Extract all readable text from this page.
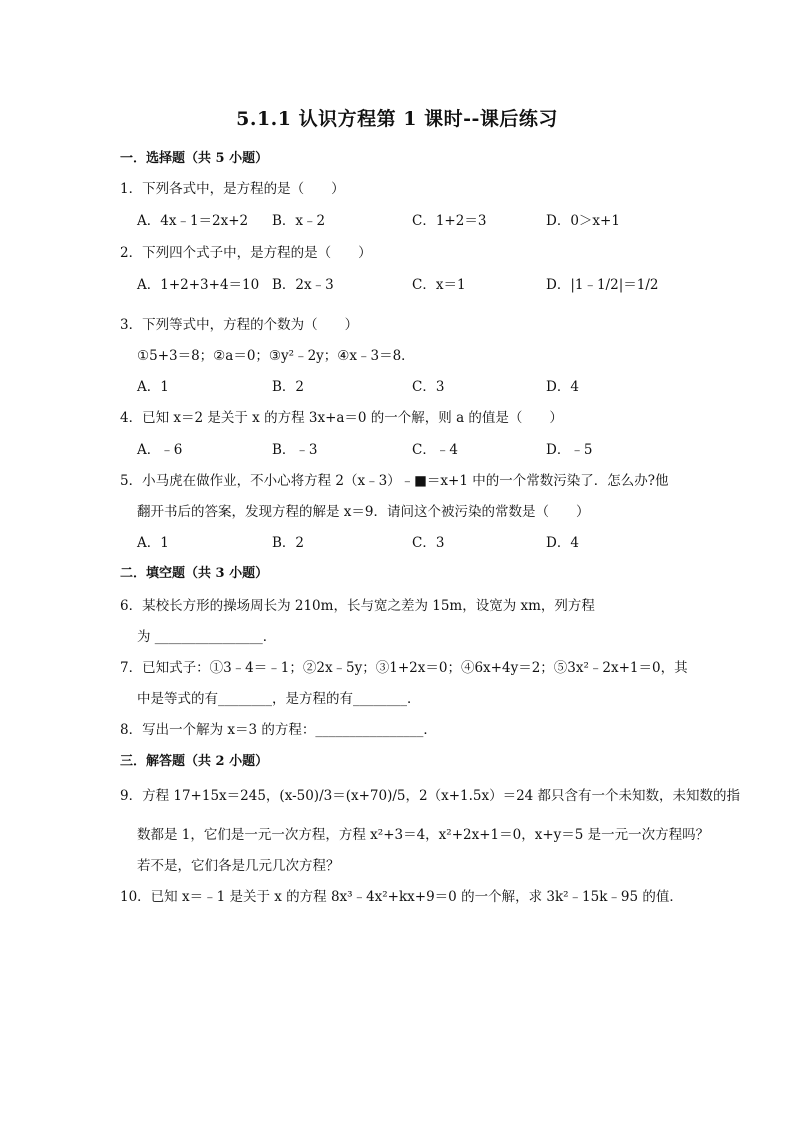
5.1.1 认识方程第 1 课时--课后练习
一．选择题（共 5 小题）
1．下列各式中，是方程的是（　　）
A．4x﹣1＝2x+2 B．x﹣2	C．1+2＝3	D．0＞x+1
2．下列四个式子中，是方程的是（　　）
A．1+2+3+4＝10 B．2x﹣3	C．x＝1	D．|1﹣1/2|＝1/2
3．下列等式中，方程的个数为（　　）
①5+3＝8；②a＝0；③y²﹣2y；④x﹣3＝8．
A．1	B．2	C．3	D．4
4．已知 x＝2 是关于 x 的方程 3x+a＝0 的一个解，则 a 的值是（　　）
A．﹣6	B．﹣3	C．﹣4	D．﹣5
5．小马虎在做作业，不小心将方程 2（x﹣3）﹣■＝x+1 中的一个常数污染了．怎么办?他
翻开书后的答案，发现方程的解是 x＝9．请问这个被污染的常数是（　　）
A．1	B．2	C．3	D．4
二．填空题（共 3 小题）
6．某校长方形的操场周长为 210m，长与宽之差为 15m，设宽为 xm，列方程
为 ________________．
7．已知式子：①3﹣4＝﹣1；②2x﹣5y；③1+2x＝0；④6x+4y＝2；⑤3x²﹣2x+1＝0，其
中是等式的有________，是方程的有________．
8．写出一个解为 x＝3 的方程：________________．
三．解答题（共 2 小题）
9．方程 17+15x＝245，(x-50)/3＝(x+70)/5，2（x+1.5x）＝24 都只含有一个未知数，未知数的指
数都是 1，它们是一元一次方程，方程 x²+3＝4，x²+2x+1＝0，x+y＝5 是一元一次方程吗？
若不是，它们各是几元几次方程？
10．已知 x＝﹣1 是关于 x 的方程 8x³﹣4x²+kx+9＝0 的一个解，求 3k²﹣15k﹣95 的值．
